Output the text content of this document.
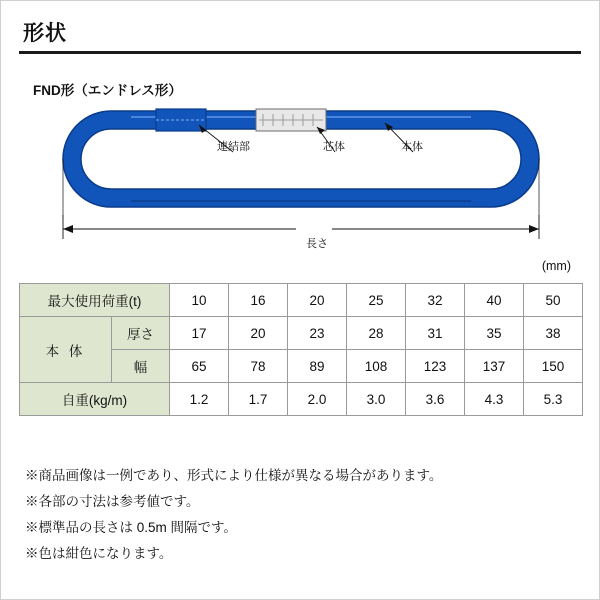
形状
FND形（エンドレス形）
連結部	芯体	本体
長さ
(mm)
最大使用荷重(t)		10	16	20	25	32	40	50
本 体	厚さ	17	20	23	28	31	35	38
	幅	65	78	89	108	123	137	150
自重(kg/m)		1.2	1.7	2.0	3.0	3.6	4.3	5.3
※商品画像は一例であり、形式により仕様が異なる場合があります。
※各部の寸法は参考値です。
※標準品の長さは 0.5m 間隔です。
※色は紺色になります。
